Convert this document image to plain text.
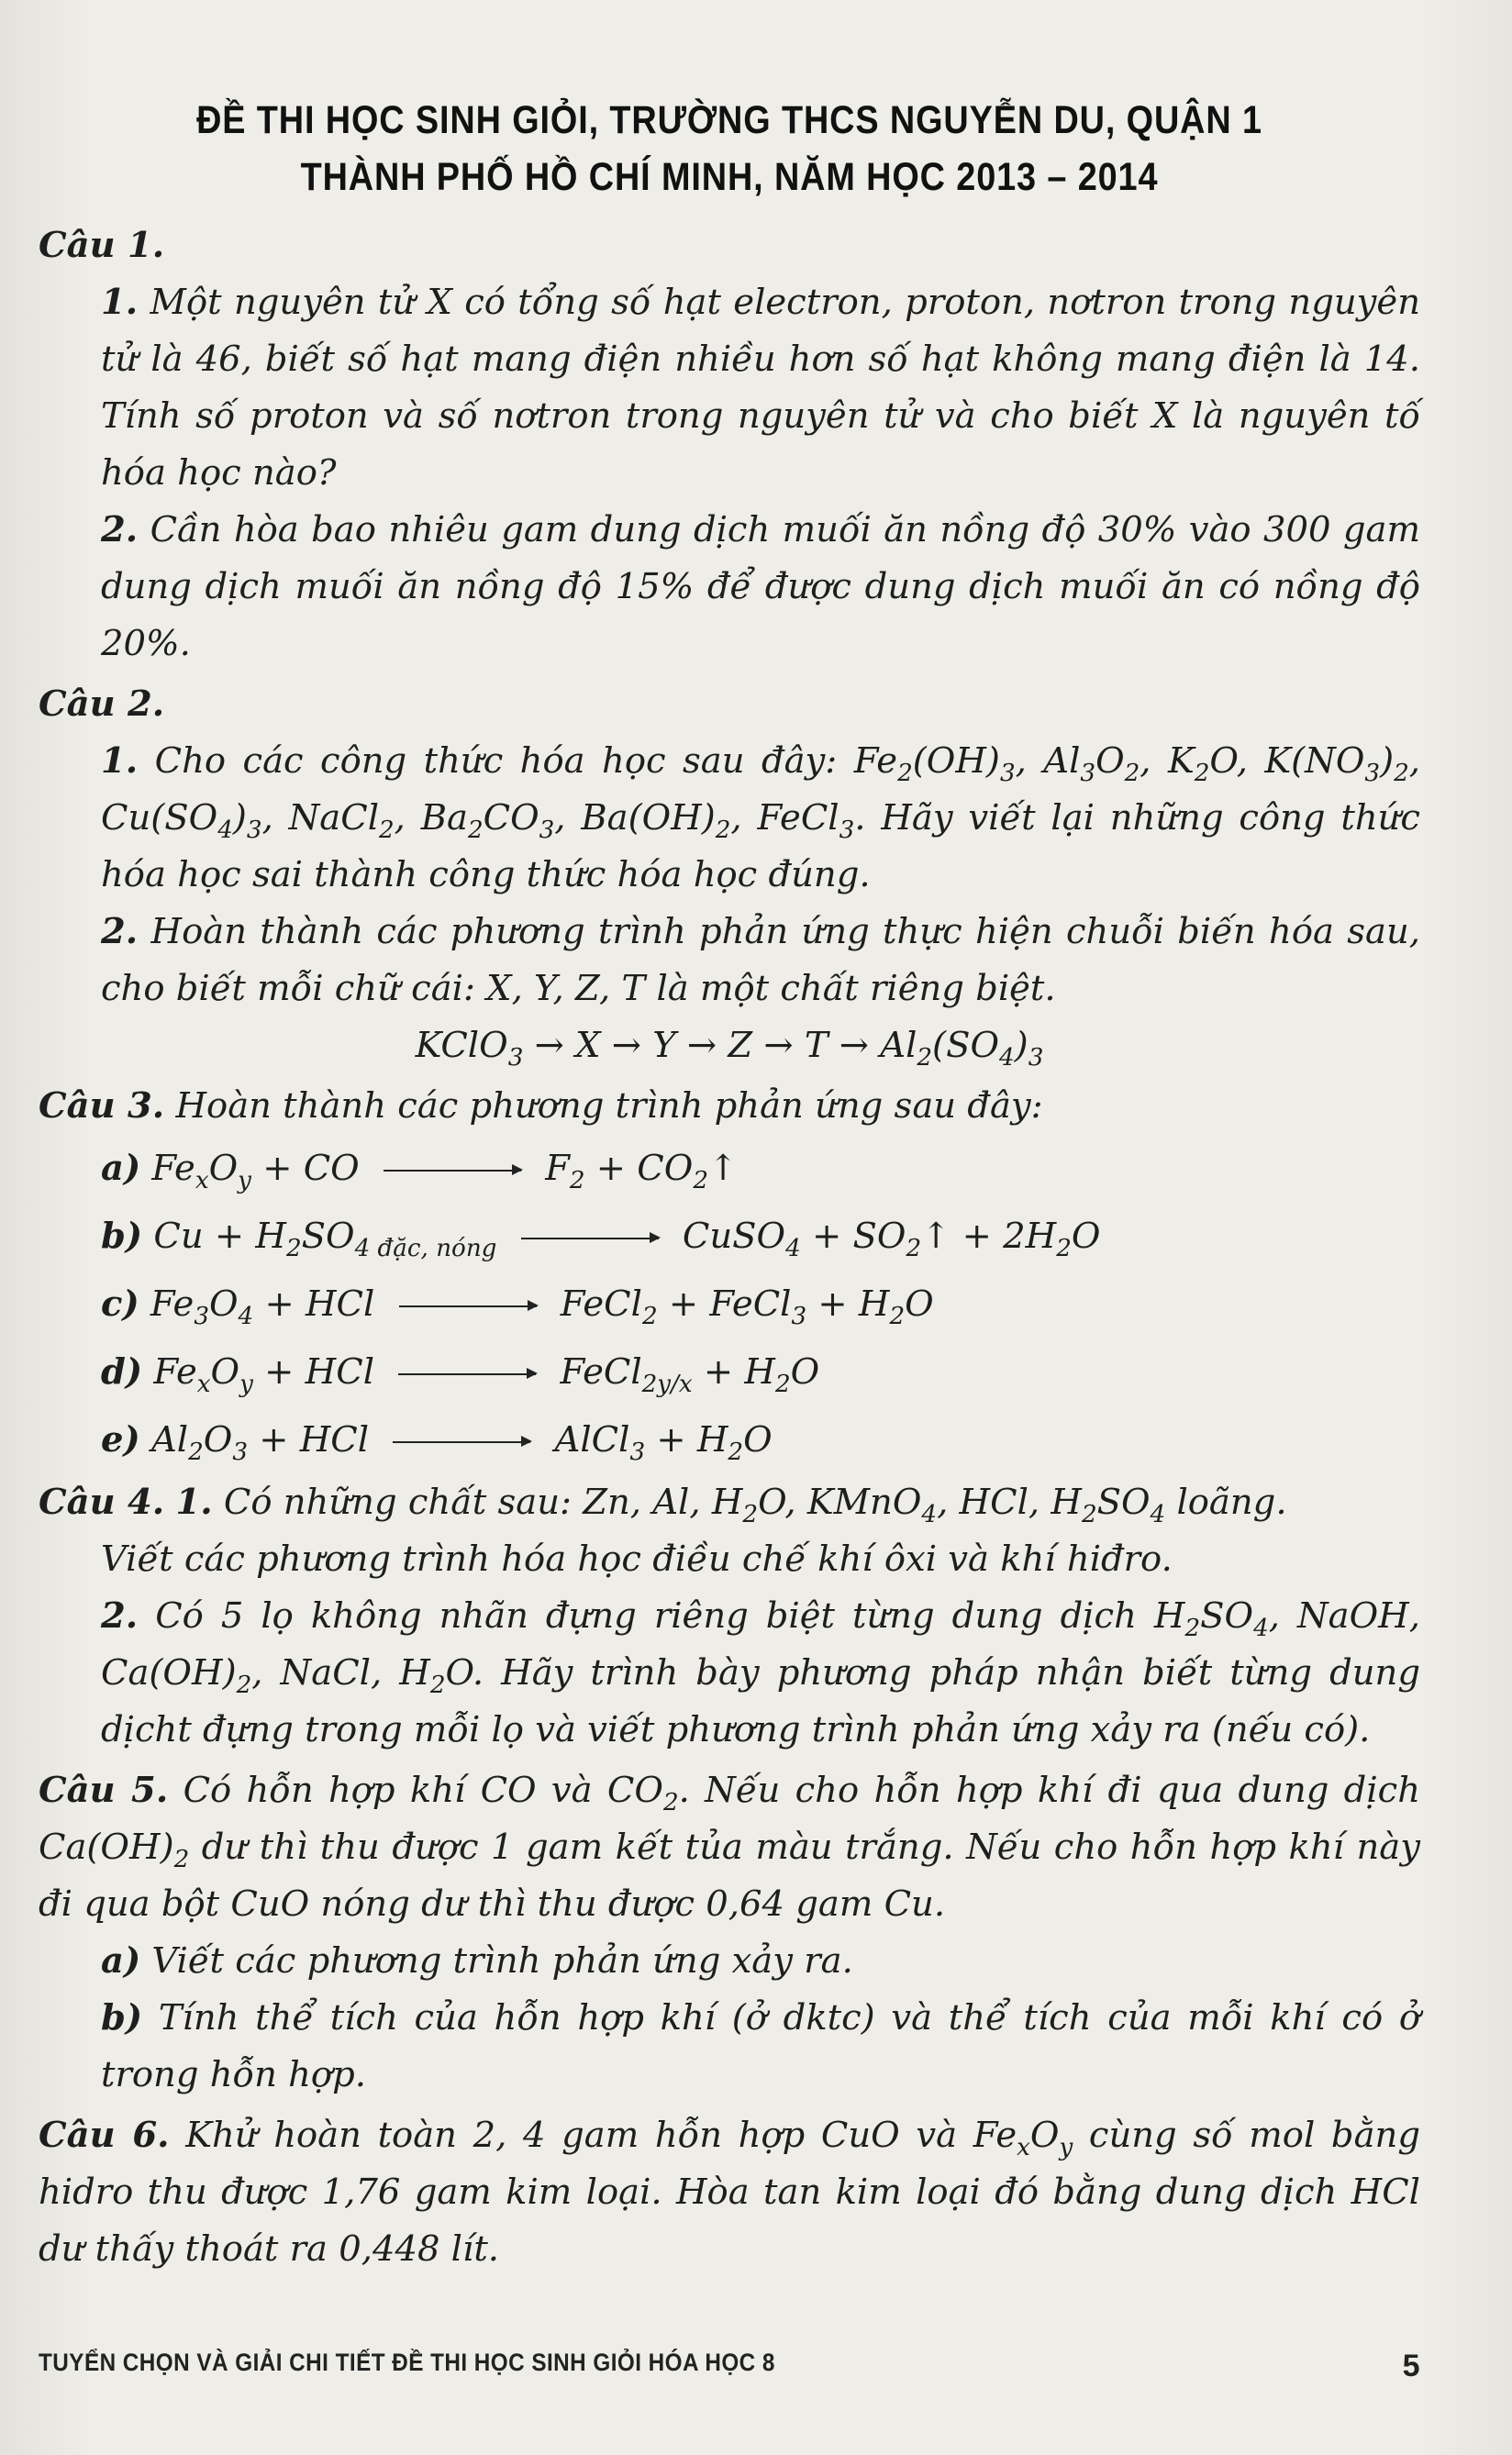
ĐỀ THI HỌC SINH GIỎI, TRƯỜNG THCS NGUYỄN DU, QUẬN 1
THÀNH PHỐ HỒ CHÍ MINH, NĂM HỌC 2013 – 2014
Câu 1.
1. Một nguyên tử X có tổng số hạt electron, proton, nơtron trong nguyên tử là 46, biết số hạt mang điện nhiều hơn số hạt không mang điện là 14. Tính số proton và số nơtron trong nguyên tử và cho biết X là nguyên tố hóa học nào?
2. Cần hòa bao nhiêu gam dung dịch muối ăn nồng độ 30% vào 300 gam dung dịch muối ăn nồng độ 15% để được dung dịch muối ăn có nồng độ 20%.
Câu 2.
1. Cho các công thức hóa học sau đây: $Fe_2(OH)_3$, $Al_3O_2$, $K_2O$, $K(NO_3)_2$, $Cu(SO_4)_3$, NaCl$_2$, $Ba_2CO_3$, $Ba(OH)_2$, FeCl$_3$. Hãy viết lại những công thức hóa học sai thành công thức hóa học đúng.
2. Hoàn thành các phương trình phản ứng thực hiện chuỗi biến hóa sau, cho biết mỗi chữ cái: X, Y, Z, T là một chất riêng biệt.
KClO$_3$ → $X \to Y \to Z \to T \to Al_2(SO_4)_3$
Câu 3. Hoàn thành các phương trình phản ứng sau đây:
a) $Fe_xO_y$ + CO	$F_2$ + $CO_2↑$
b) $Cu + H_2SO_{4 đặc, nóng}$	CuSO$_4$ + $SO_2↑ + 2H_2O$
c) $Fe_3O_4$ + HCl	FeCl$_2$ + FeCl$_3$ + $H_2O$
d) $Fe_xO_y$ + HCl	FeCl$_{2y/x}$ + $H_2O$
e) $Al_2O_3$ + HCl	AlCl$_3$ + $H_2O$
Câu 4. 1. Có những chất sau: Zn, Al, $H_2O$, KMnO$_4$, HCl, $H_2SO_4$ loãng.
Viết các phương trình hóa học điều chế khí ôxi và khí hiđro.
2. Có 5 lọ không nhãn đựng riêng biệt từng dung dịch $H_2SO_4$, NaOH, $Ca(OH)_2$, NaCl, $H_2O$. Hãy trình bày phương pháp nhận biết từng dung dịcht đựng trong mỗi lọ và viết phương trình phản ứng xảy ra (nếu có).
Câu 5. Có hỗn hợp khí CO và $CO_2$. Nếu cho hỗn hợp khí đi qua dung dịch $Ca(OH)_2$ dư thì thu được 1 gam kết tủa màu trắng. Nếu cho hỗn hợp khí này đi qua bột CuO nóng dư thì thu được 0,64 gam Cu.
a) Viết các phương trình phản ứng xảy ra.
b) Tính thể tích của hỗn hợp khí (ở dktc) và thể tích của mỗi khí có ở trong hỗn hợp.
Câu 6. Khử hoàn toàn 2, 4 gam hỗn hợp CuO và $Fe_xO_y$ cùng số mol bằng hidro thu được 1,76 gam kim loại. Hòa tan kim loại đó bằng dung dịch HCl dư thấy thoát ra 0,448 lít.
TUYỂN CHỌN VÀ GIẢI CHI TIẾT ĐỀ THI HỌC SINH GIỎI HÓA HỌC 8	5
